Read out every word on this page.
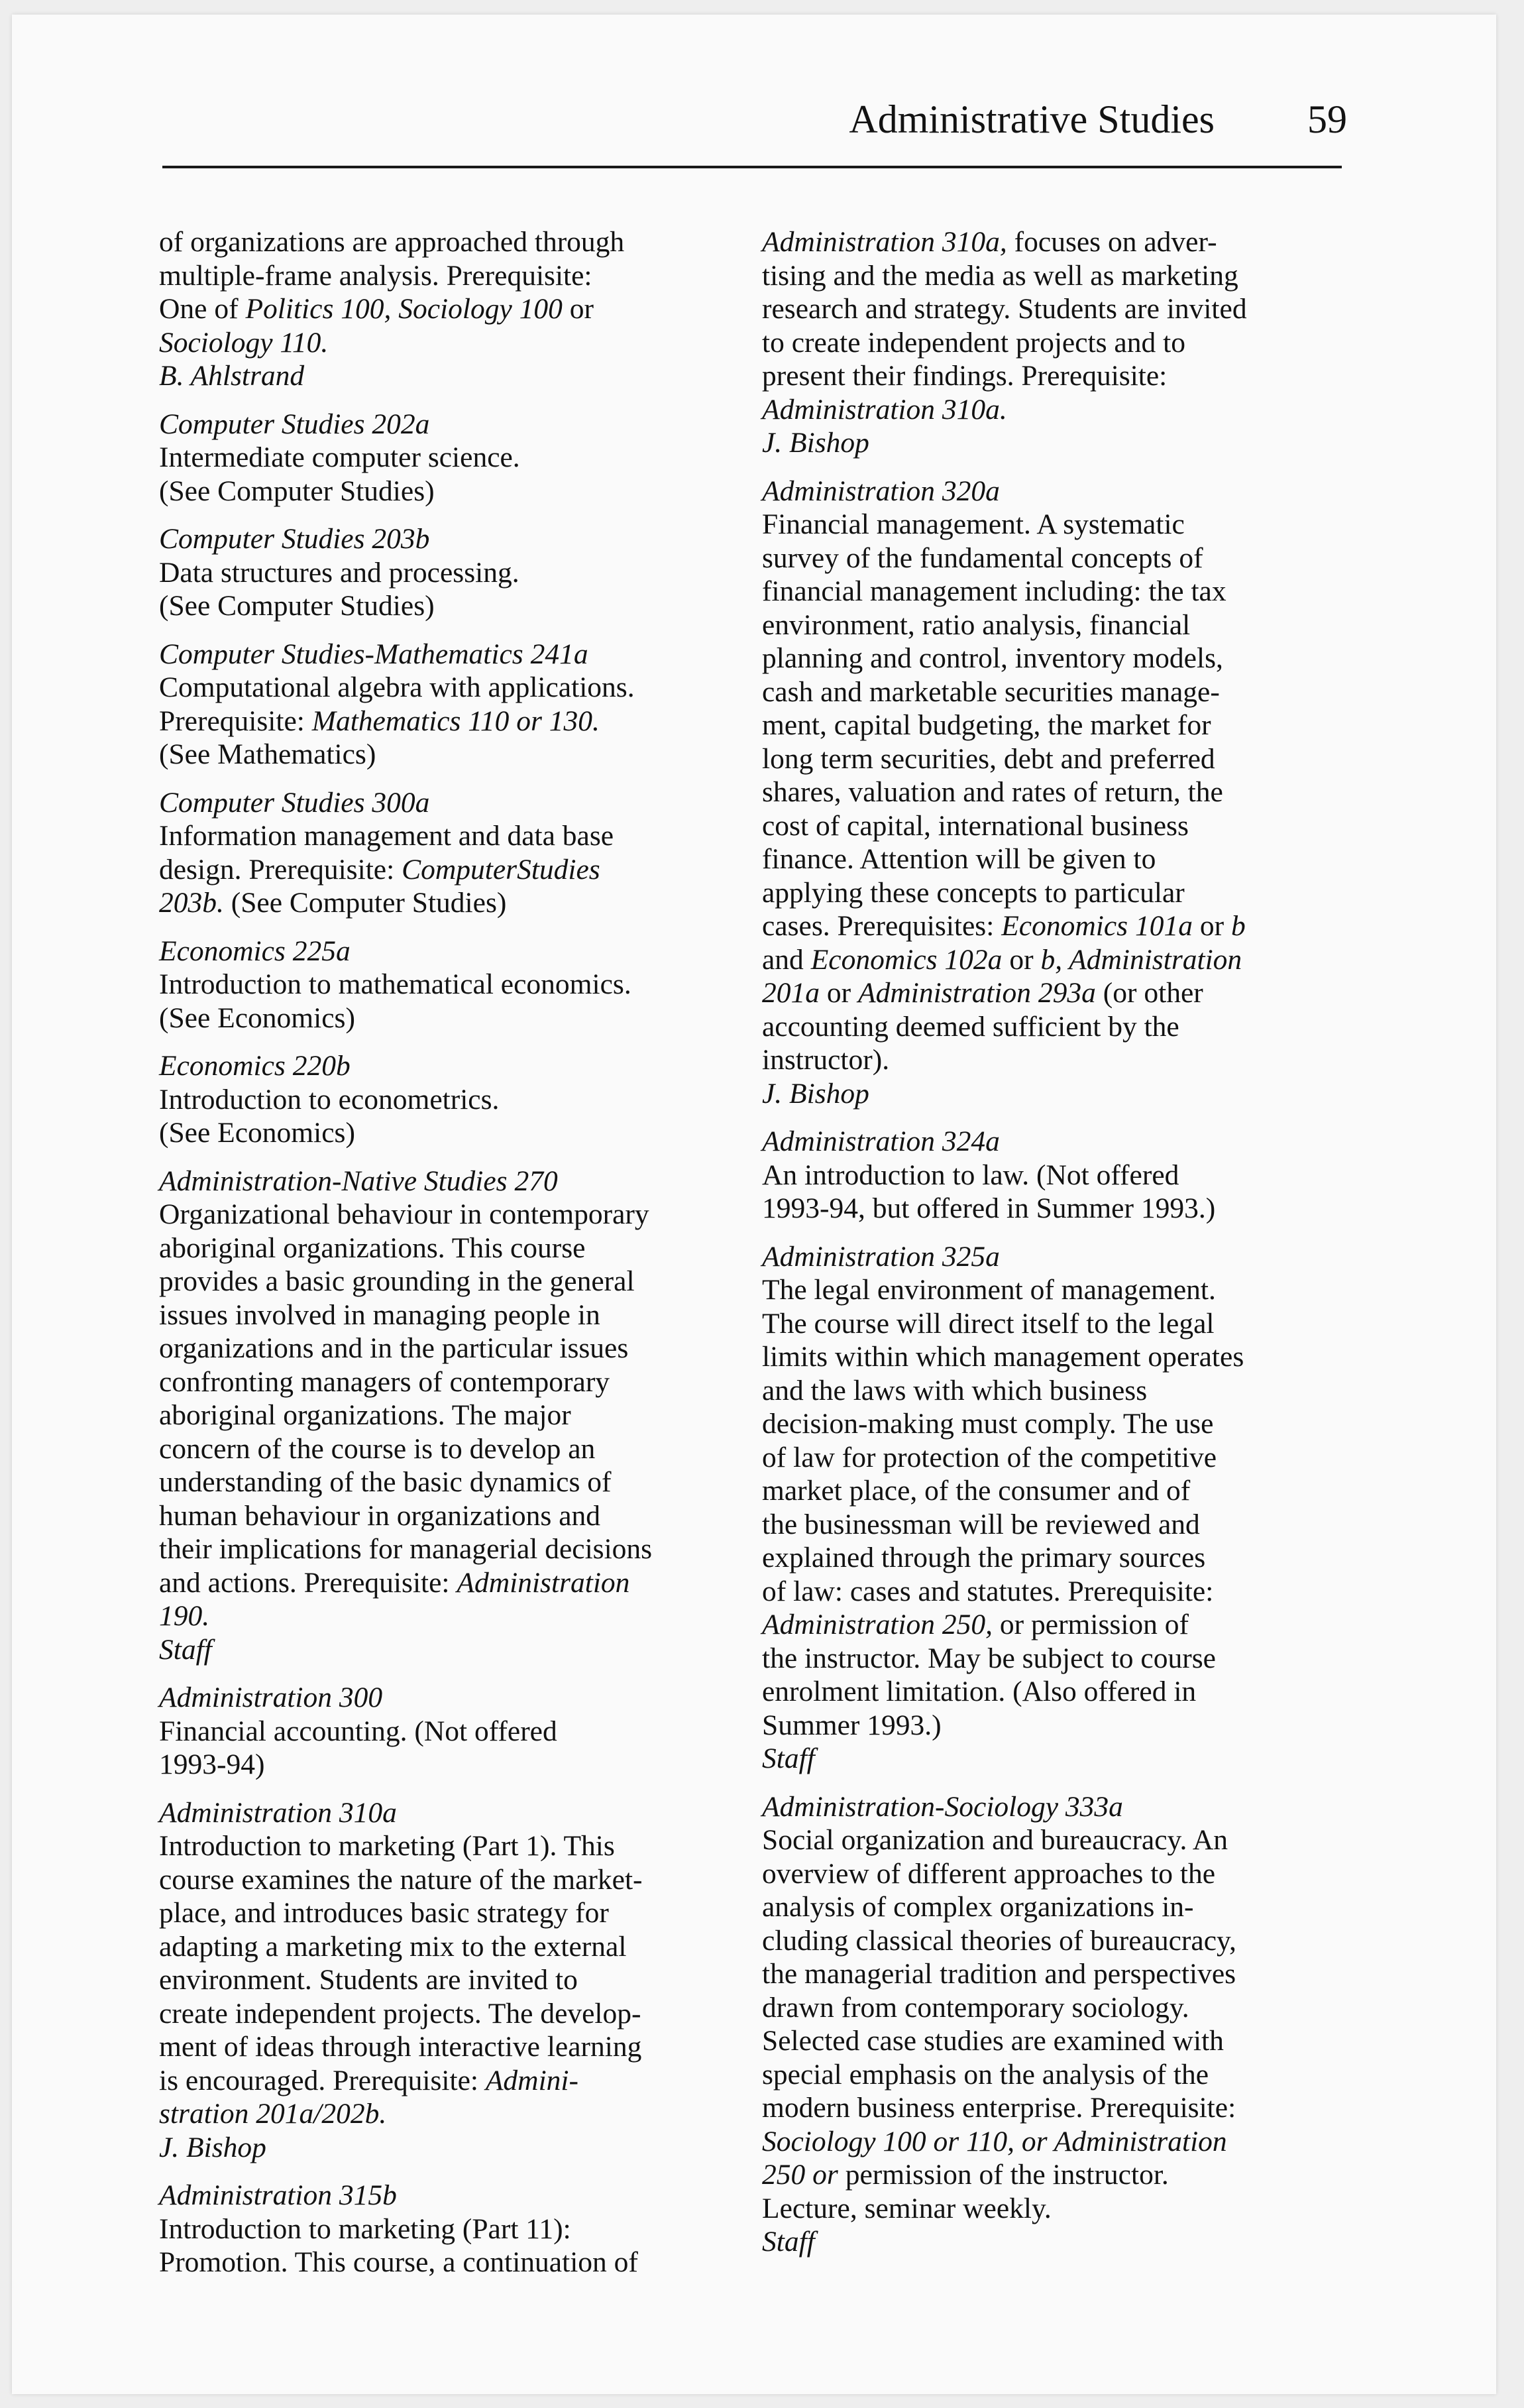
Administrative Studies 59
of organizations are approached through
multiple-frame analysis. Prerequisite:
One of Politics 100, Sociology 100 or
Sociology 110.
B. Ahlstrand
Computer Studies 202a
Intermediate computer science.
(See Computer Studies)
Computer Studies 203b
Data structures and processing.
(See Computer Studies)
Computer Studies-Mathematics 241a
Computational algebra with applications.
Prerequisite: Mathematics 110 or 130.
(See Mathematics)
Computer Studies 300a
Information management and data base
design. Prerequisite: ComputerStudies
203b. (See Computer Studies)
Economics 225a
Introduction to mathematical economics.
(See Economics)
Economics 220b
Introduction to econometrics.
(See Economics)
Administration-Native Studies 270
Organizational behaviour in contemporary
aboriginal organizations. This course
provides a basic grounding in the general
issues involved in managing people in
organizations and in the particular issues
confronting managers of contemporary
aboriginal organizations. The major
concern of the course is to develop an
understanding of the basic dynamics of
human behaviour in organizations and
their implications for managerial decisions
and actions. Prerequisite: Administration
190.
Staff
Administration 300
Financial accounting. (Not offered
1993-94)
Administration 310a
Introduction to marketing (Part 1). This
course examines the nature of the market-
place, and introduces basic strategy for
adapting a marketing mix to the external
environment. Students are invited to
create independent projects. The develop-
ment of ideas through interactive learning
is encouraged. Prerequisite: Admini-
stration 201a/202b.
J. Bishop
Administration 315b
Introduction to marketing (Part 11):
Promotion. This course, a continuation of
Administration 310a, focuses on adver-
tising and the media as well as marketing
research and strategy. Students are invited
to create independent projects and to
present their findings. Prerequisite:
Administration 310a.
J. Bishop
Administration 320a
Financial management. A systematic
survey of the fundamental concepts of
financial management including: the tax
environment, ratio analysis, financial
planning and control, inventory models,
cash and marketable securities manage-
ment, capital budgeting, the market for
long term securities, debt and preferred
shares, valuation and rates of return, the
cost of capital, international business
finance. Attention will be given to
applying these concepts to particular
cases. Prerequisites: Economics 101a or b
and Economics 102a or b, Administration
201a or Administration 293a (or other
accounting deemed sufficient by the
instructor).
J. Bishop
Administration 324a
An introduction to law. (Not offered
1993-94, but offered in Summer 1993.)
Administration 325a
The legal environment of management.
The course will direct itself to the legal
limits within which management operates
and the laws with which business
decision-making must comply. The use
of law for protection of the competitive
market place, of the consumer and of
the businessman will be reviewed and
explained through the primary sources
of law: cases and statutes. Prerequisite:
Administration 250, or permission of
the instructor. May be subject to course
enrolment limitation. (Also offered in
Summer 1993.)
Staff
Administration-Sociology 333a
Social organization and bureaucracy. An
overview of different approaches to the
analysis of complex organizations in-
cluding classical theories of bureaucracy,
the managerial tradition and perspectives
drawn from contemporary sociology.
Selected case studies are examined with
special emphasis on the analysis of the
modern business enterprise. Prerequisite:
Sociology 100 or 110, or Administration
250 or permission of the instructor.
Lecture, seminar weekly.
Staff
